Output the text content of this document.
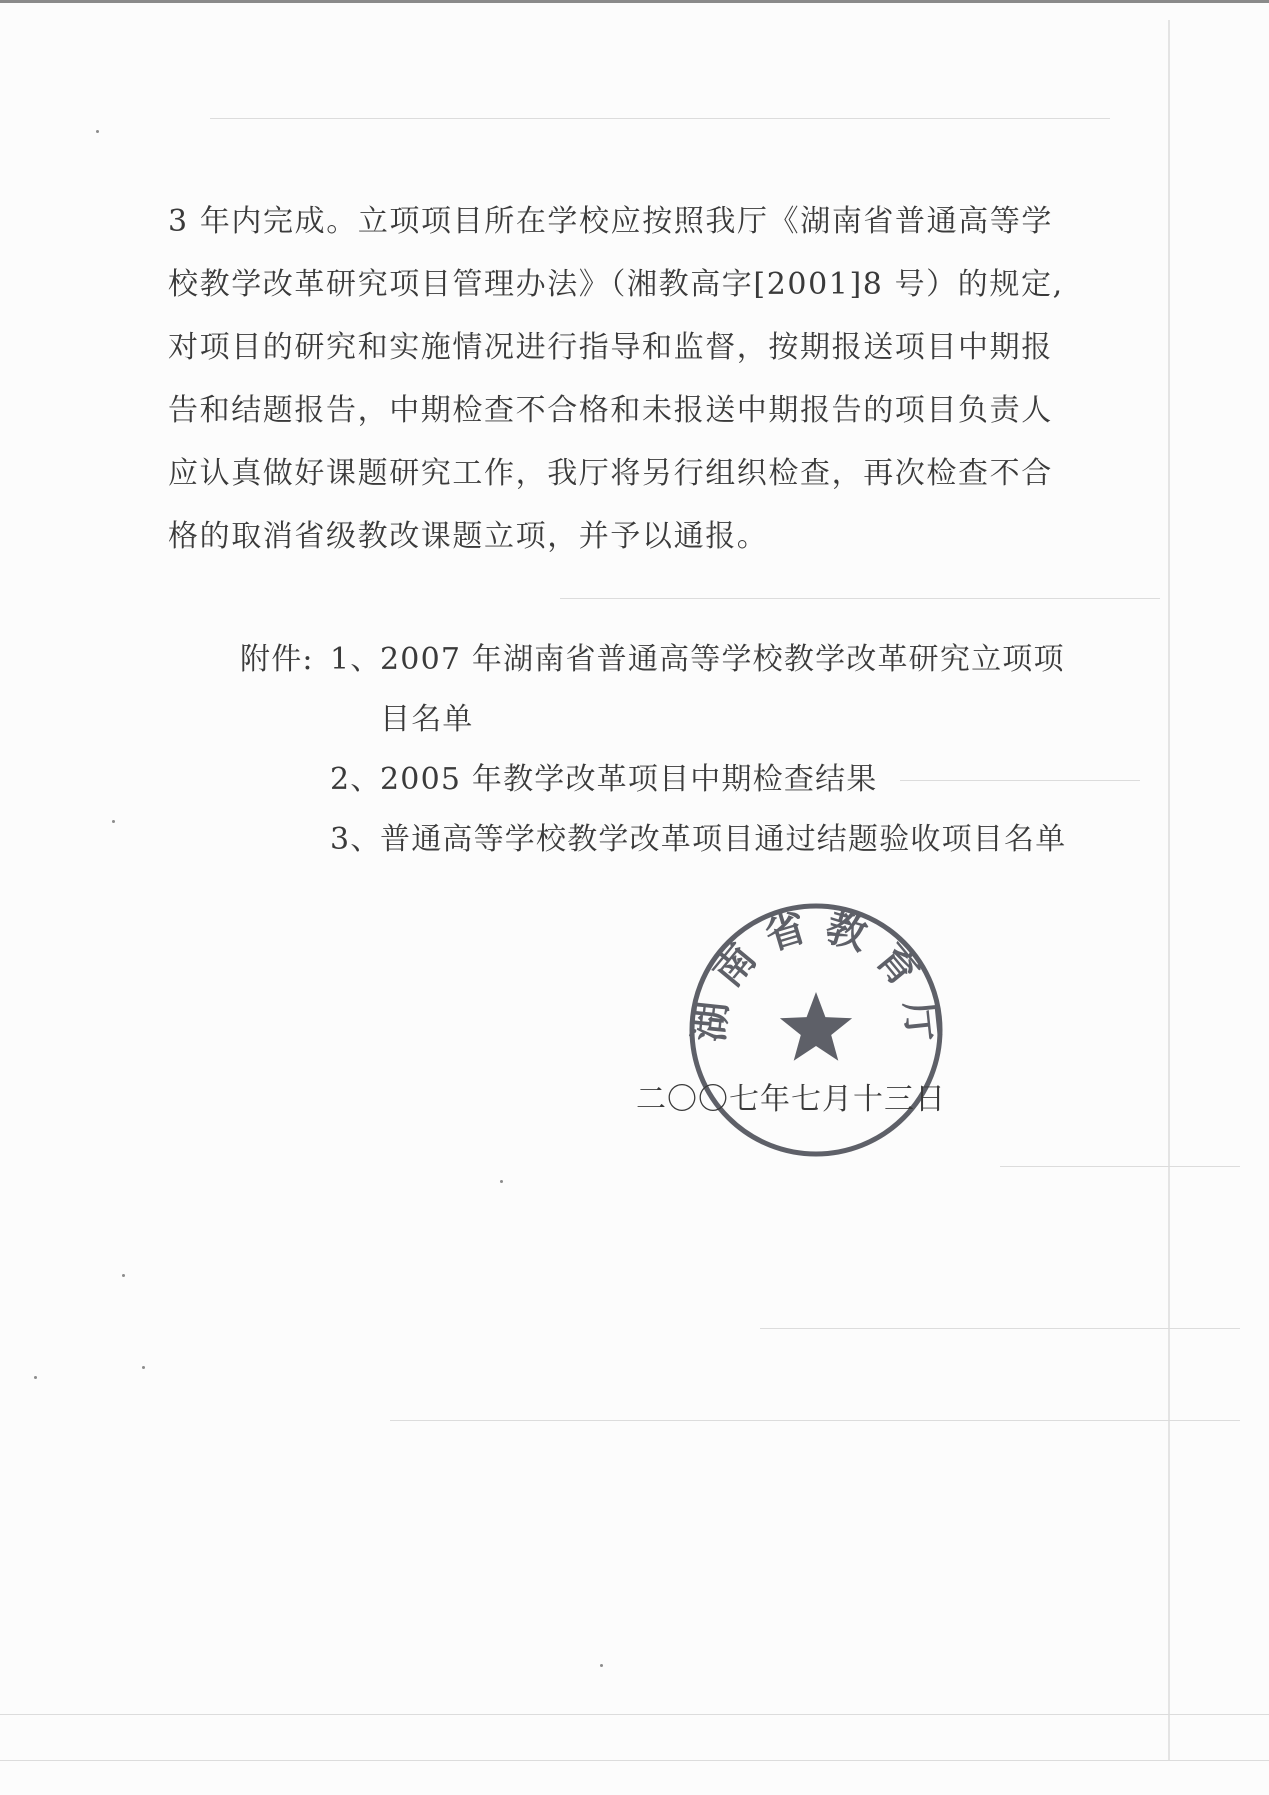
3 年内完成。立项项目所在学校应按照我厅《湖南省普通高等学
校教学改革研究项目管理办法》（湘教高字[2001]8 号）的规定,
对项目的研究和实施情况进行指导和监督，按期报送项目中期报
告和结题报告，中期检查不合格和未报送中期报告的项目负责人
应认真做好课题研究工作，我厅将另行组织检查，再次检查不合
格的取消省级教改课题立项，并予以通报。
附件: 1、2007 年湖南省普通高等学校教学改革研究立项项
目名单
2、2005 年教学改革项目中期检查结果
3、普通高等学校教学改革项目通过结题验收项目名单
湖 南 省 教 育 厅
二〇〇七年七月十三日
